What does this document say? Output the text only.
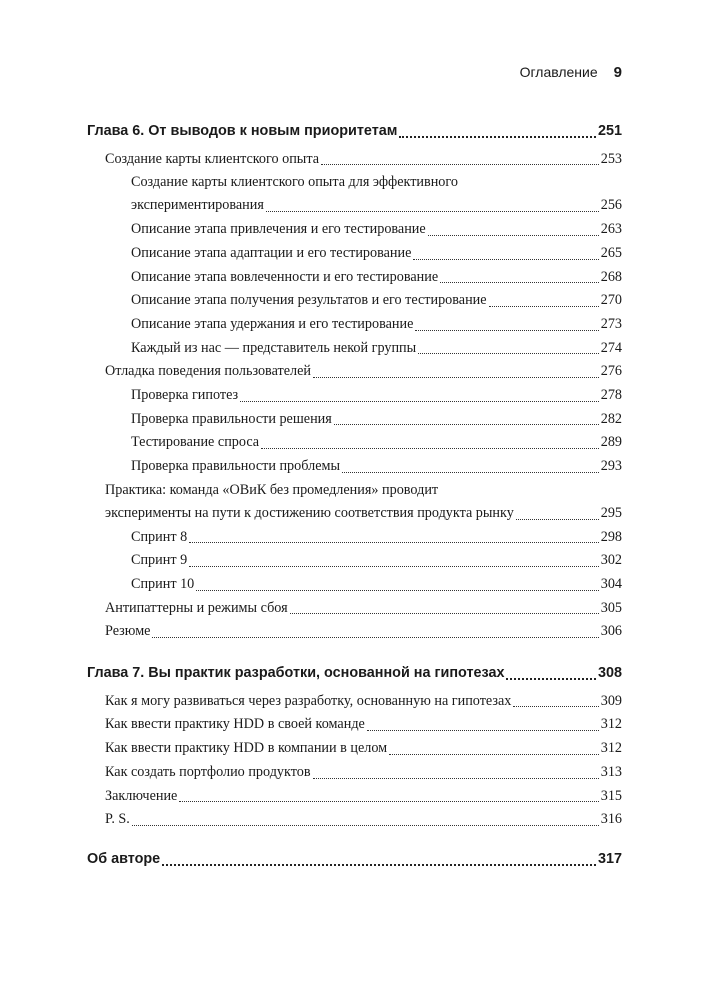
Оглавление 9
Глава 6. От выводов к новым приоритетам	251
Создание карты клиентского опыта	253
Создание карты клиентского опыта для эффективного
экспериментирования	256
Описание этапа привлечения и его тестирование	263
Описание этапа адаптации и его тестирование	265
Описание этапа вовлеченности и его тестирование	268
Описание этапа получения результатов и его тестирование	270
Описание этапа удержания и его тестирование	273
Каждый из нас — представитель некой группы	274
Отладка поведения пользователей	276
Проверка гипотез	278
Проверка правильности решения	282
Тестирование спроса	289
Проверка правильности проблемы	293
Практика: команда «ОВиК без промедления» проводит
эксперименты на пути к достижению соответствия продукта рынку	295
Спринт 8	298
Спринт 9	302
Спринт 10	304
Антипаттерны и режимы сбоя	305
Резюме	306
Глава 7. Вы практик разработки, основанной на гипотезах	308
Как я могу развиваться через разработку, основанную на гипотезах	309
Как ввести практику HDD в своей команде	312
Как ввести практику HDD в компании в целом	312
Как создать портфолио продуктов	313
Заключение	315
P. S.	316
Об авторе	317
